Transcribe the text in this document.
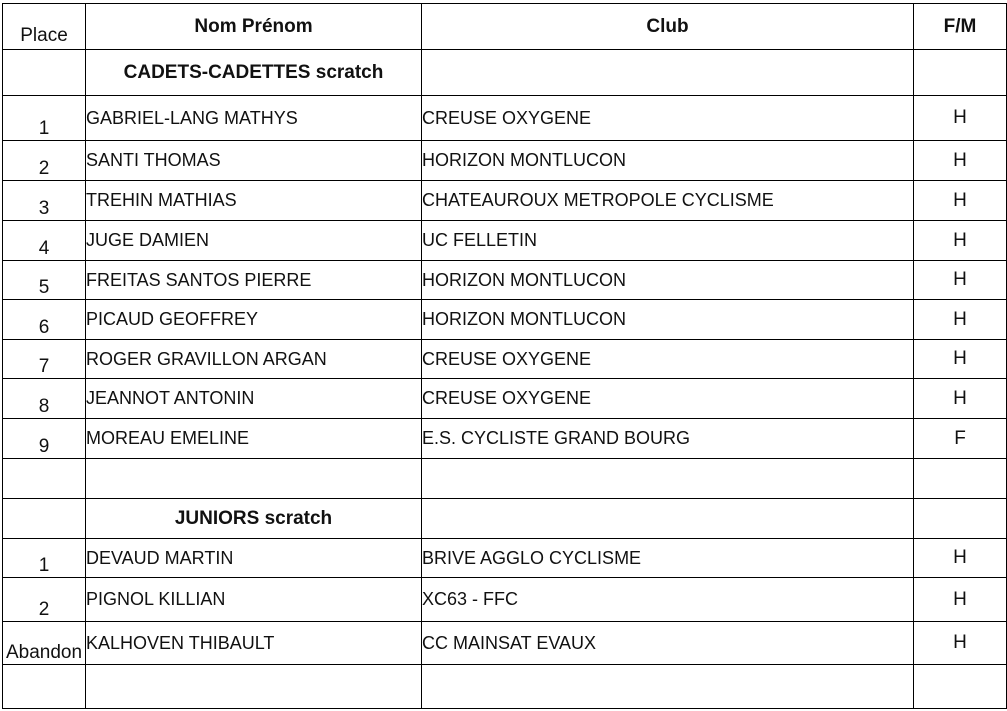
Place	Nom Prénom	Club	F/M
	CADETS-CADETTES scratch		
1	GABRIEL-LANG MATHYS	CREUSE OXYGENE	H
2	SANTI THOMAS	HORIZON MONTLUCON	H
3	TREHIN MATHIAS	CHATEAUROUX METROPOLE CYCLISME	H
4	JUGE DAMIEN	UC FELLETIN	H
5	FREITAS SANTOS PIERRE	HORIZON MONTLUCON	H
6	PICAUD GEOFFREY	HORIZON MONTLUCON	H
7	ROGER GRAVILLON ARGAN	CREUSE OXYGENE	H
8	JEANNOT ANTONIN	CREUSE OXYGENE	H
9	MOREAU EMELINE	E.S. CYCLISTE GRAND BOURG	F

	JUNIORS scratch		
1	DEVAUD MARTIN	BRIVE AGGLO CYCLISME	H
2	PIGNOL KILLIAN	XC63 - FFC	H
Abandon	KALHOVEN THIBAULT	CC MAINSAT EVAUX	H
